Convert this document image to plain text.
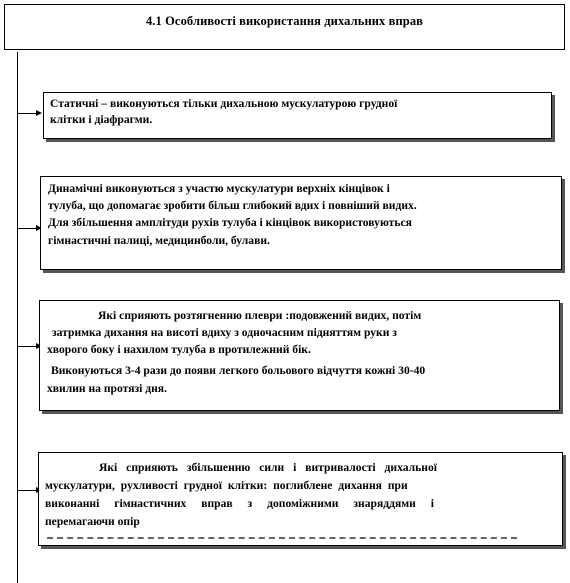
4.1 Особливості використання дихальних вправ
Статичні – виконуються тільки дихальною мускулатурою грудної
клітки і діафрагми.
Динамічні виконуються з участю мускулатури верхніх кінцівок і
тулуба, що допомагає зробити більш глибокий вдих і повніший видих.
Для збільшення амплітуди рухів тулуба і кінцівок використовуються
гімнастичні палиці, медицинболи, булави.
Які сприяють розтягненню плеври :подовжений видих, потім
затримка дихання на висоті вдиху з одночасним підняттям руки з
хворого боку і нахилом тулуба в протилежний бік.
Виконуються 3-4 рази до появи легкого больового відчуття кожні 30-40
хвилин на протязі дня.
Які сприяють збільшенню сили і витривалості дихальної
мускулатури, рухливості грудної клітки: поглиблене дихання при
виконанні гімнастичних вправ з допоміжними знаряддями і
перемагаючи опір
